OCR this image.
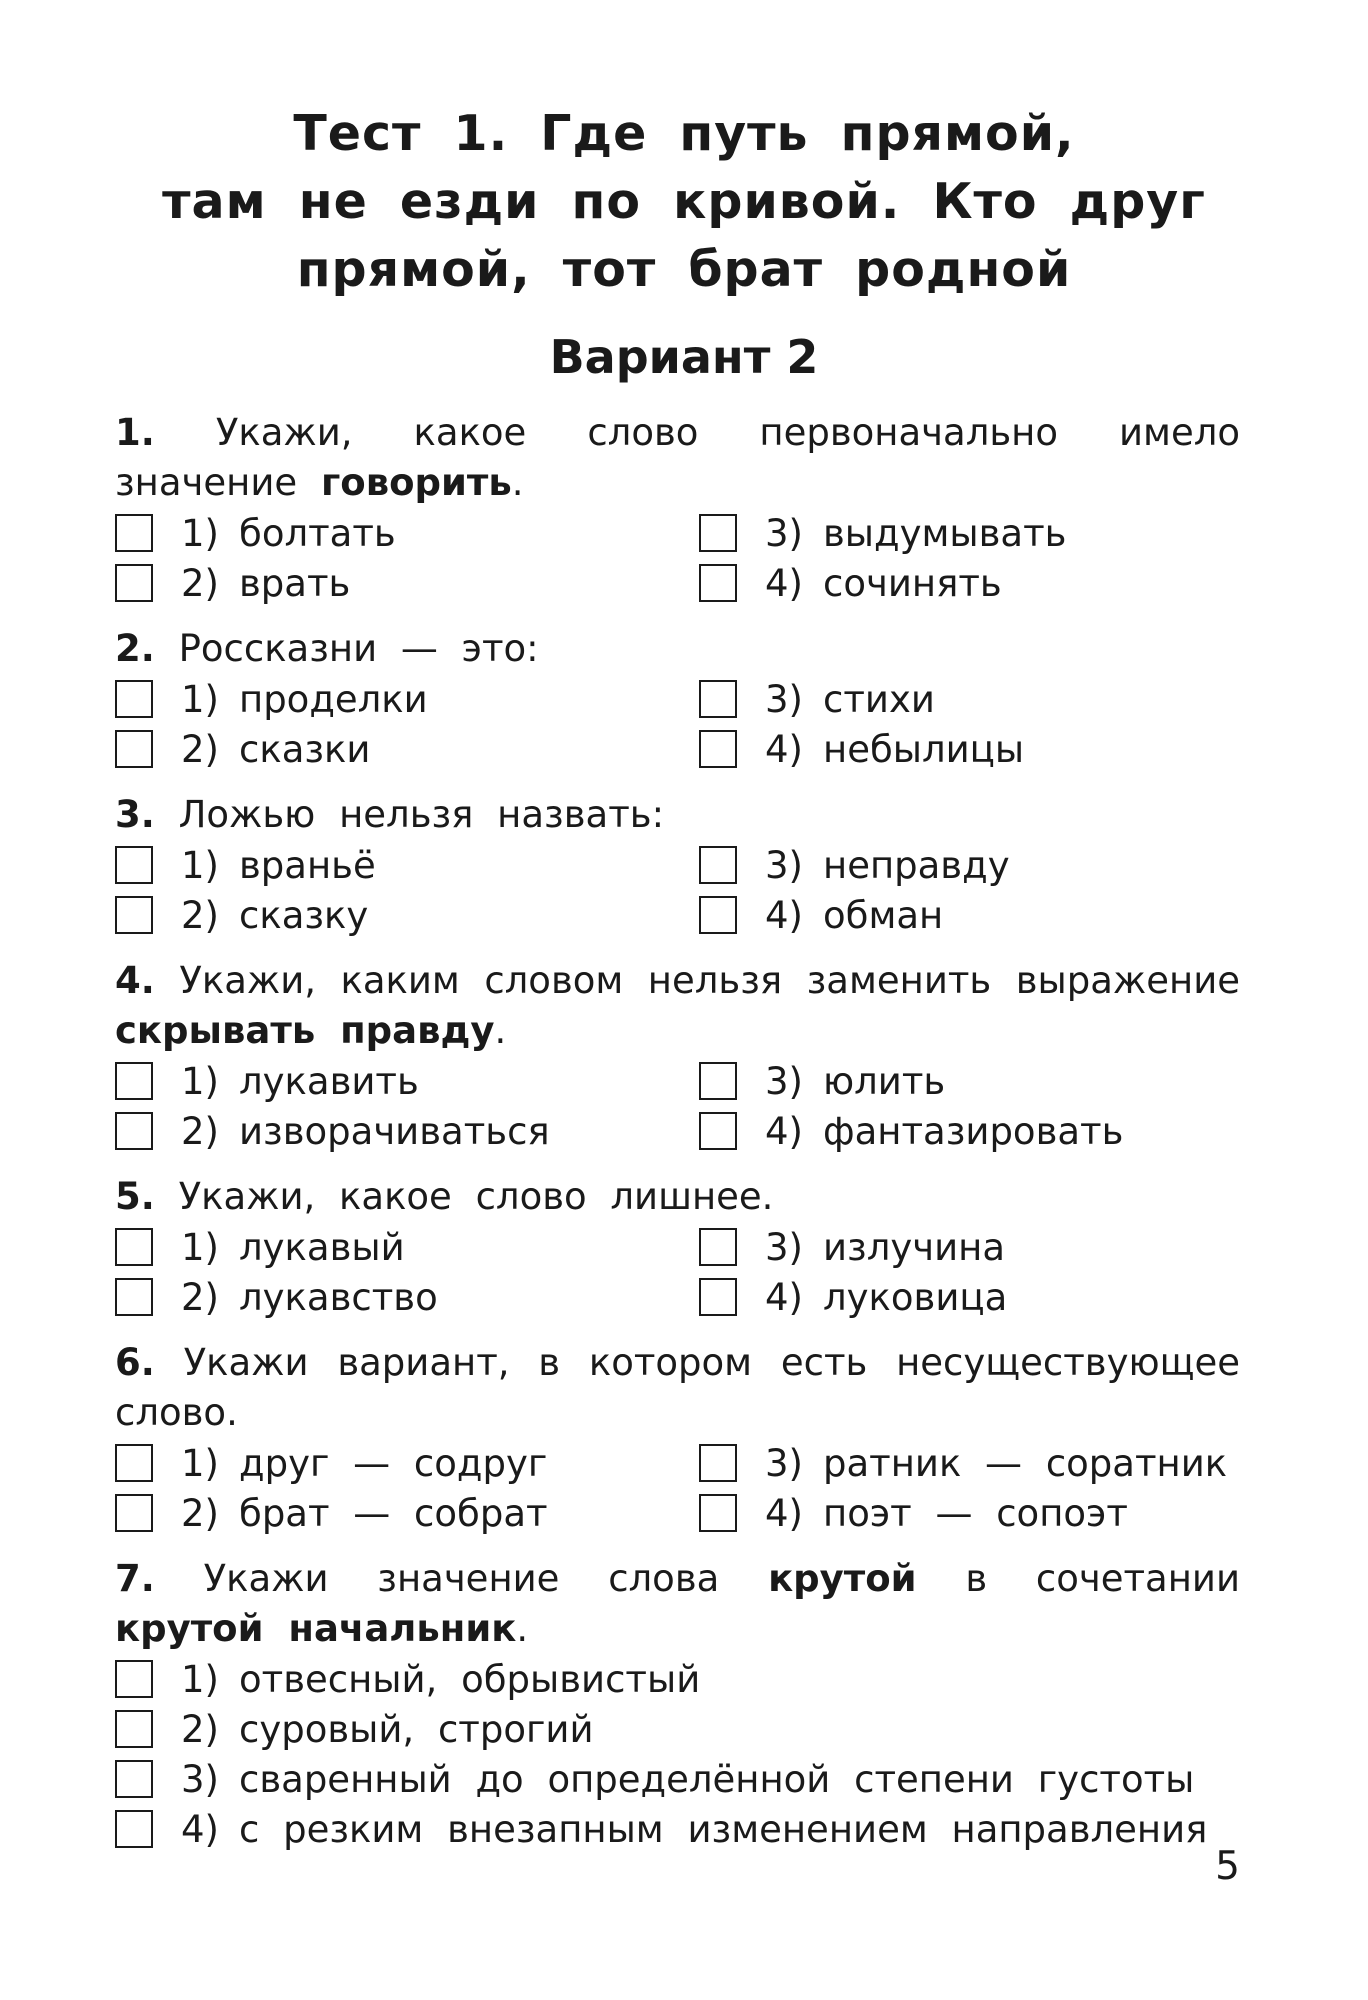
Тест 1. Где путь прямой,
там не езди по кривой. Кто друг
прямой, тот брат родной
Вариант 2
1. Укажи, какое слово первоначально имело значение говорить.
1) болтать	3) выдумывать
2) врать	4) сочинять
2. Россказни — это:
1) проделки	3) стихи
2) сказки	4) небылицы
3. Ложью нельзя назвать:
1) враньё	3) неправду
2) сказку	4) обман
4. Укажи, каким словом нельзя заменить выражение скрывать правду.
1) лукавить	3) юлить
2) изворачиваться	4) фантазировать
5. Укажи, какое слово лишнее.
1) лукавый	3) излучина
2) лукавство	4) луковица
6. Укажи вариант, в котором есть несуществующее слово.
1) друг — содруг	3) ратник — соратник
2) брат — собрат	4) поэт — сопоэт
7. Укажи значение слова крутой в сочетании крутой начальник.
1) отвесный, обрывистый
2) суровый, строгий
3) сваренный до определённой степени густоты
4) с резким внезапным изменением направления
5
